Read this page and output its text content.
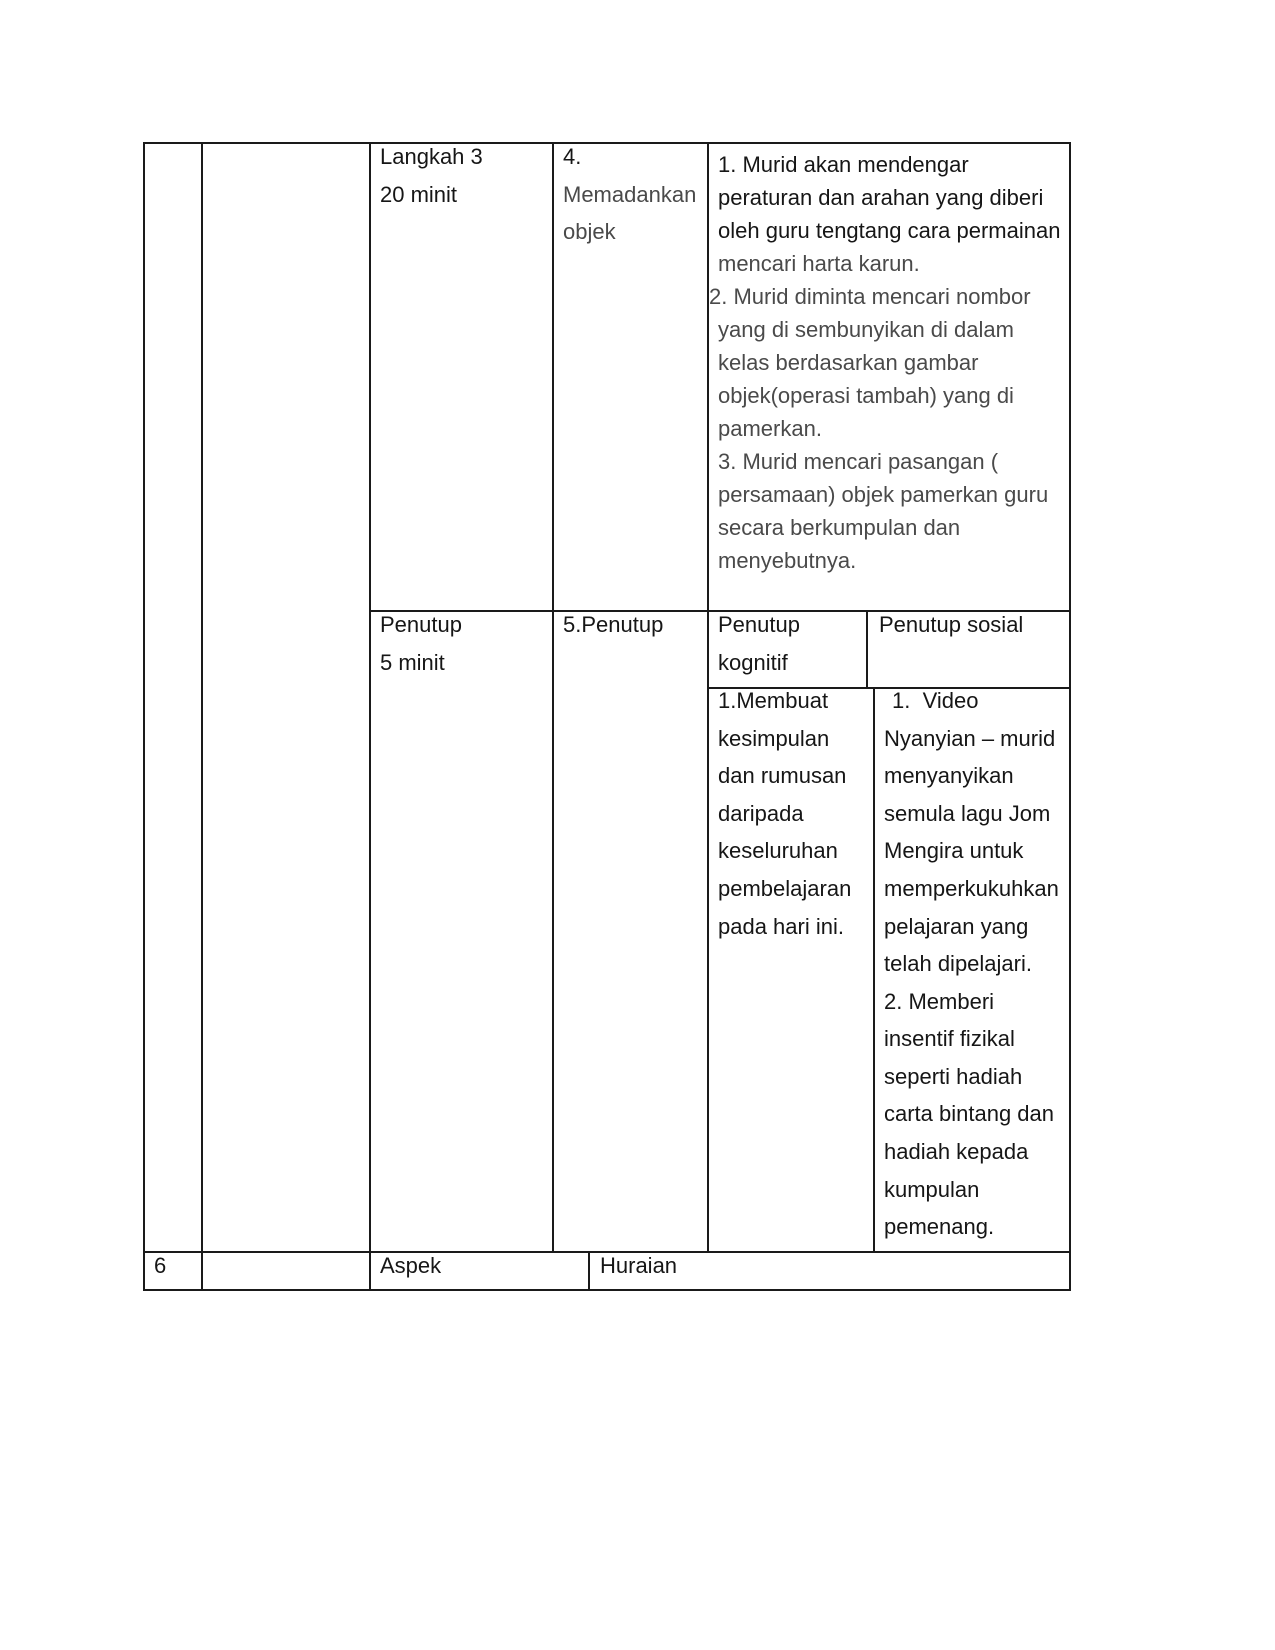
Langkah 3

20 minit

4.

Memadankan

objek

1. Murid akan mendengar

peraturan dan arahan yang diberi

oleh guru tengtang cara permainan

mencari harta karun.

2. Murid diminta mencari nombor

yang di sembunyikan di dalam

kelas berdasarkan gambar

objek(operasi tambah) yang di

pamerkan.

3. Murid mencari pasangan (

persamaan) objek pamerkan guru

secara berkumpulan dan

menyebutnya.

Penutup

5 minit

5.Penutup Penutup

kognitif

Penutup sosial

1.Membuat

kesimpulan

dan rumusan

daripada

keseluruhan

pembelajaran

pada hari ini.

1.  Video

Nyanyian – murid

menyanyikan

semula lagu Jom

Mengira untuk

memperkukuhkan

pelajaran yang

telah dipelajari.

2. Memberi

insentif fizikal

seperti hadiah

carta bintang dan

hadiah kepada

kumpulan

pemenang.

6	Aspek	Huraian
